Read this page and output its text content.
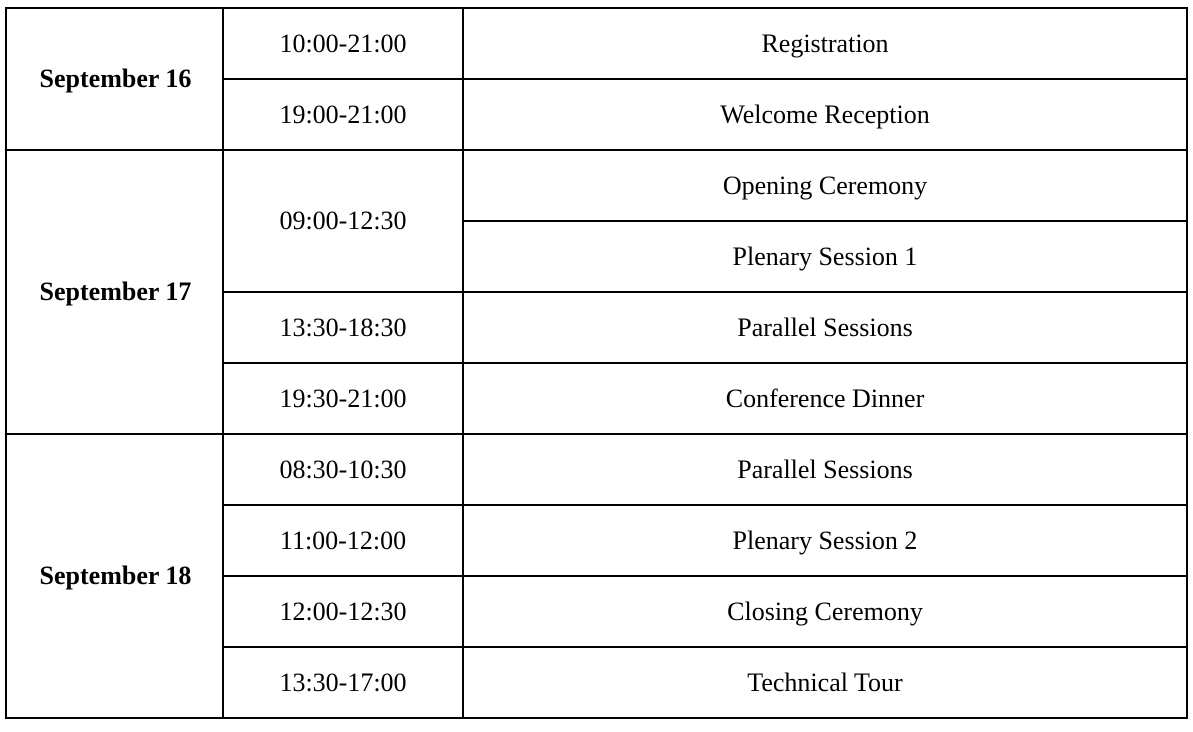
September 16	10:00-21:00	Registration
	19:00-21:00	Welcome Reception
September 17	09:00-12:30	Opening Ceremony
		Plenary Session 1
	13:30-18:30	Parallel Sessions
	19:30-21:00	Conference Dinner
September 18	08:30-10:30	Parallel Sessions
	11:00-12:00	Plenary Session 2
	12:00-12:30	Closing Ceremony
	13:30-17:00	Technical Tour
